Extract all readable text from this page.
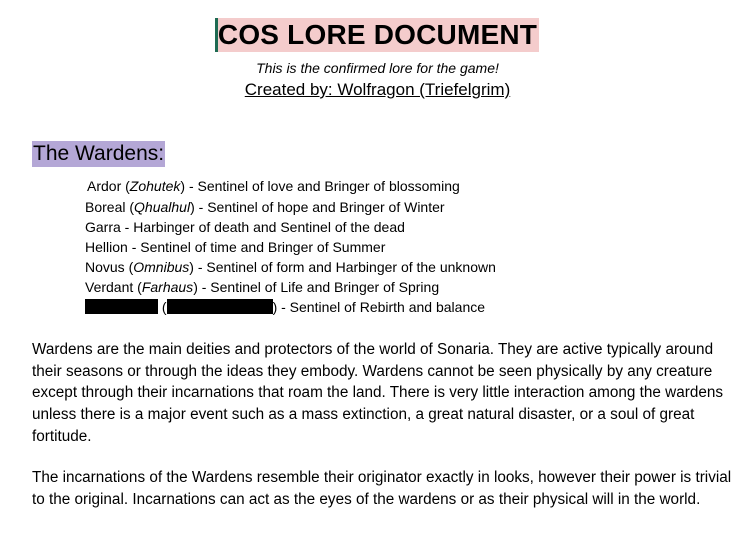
COS LORE DOCUMENT
This is the confirmed lore for the game!
Created by: Wolfragon (Triefelgrim)
The Wardens:
Ardor (Zohutek) - Sentinel of love and Bringer of blossoming
Boreal (Qhualhul) - Sentinel of hope and Bringer of Winter
Garra - Harbinger of death and Sentinel of the dead
Hellion - Sentinel of time and Bringer of Summer
Novus (Omnibus) - Sentinel of form and Harbinger of the unknown
Verdant (Farhaus) - Sentinel of Life and Bringer of Spring
(	) - Sentinel of Rebirth and balance

Wardens are the main deities and protectors of the world of Sonaria. They are active typically around their seasons or through the ideas they embody. Wardens cannot be seen physically by any creature except through their incarnations that roam the land. There is very little interaction among the wardens unless there is a major event such as a mass extinction, a great natural disaster, or a soul of great fortitude.

The incarnations of the Wardens resemble their originator exactly in looks, however their power is trivial to the original. Incarnations can act as the eyes of the wardens or as their physical will in the world.
